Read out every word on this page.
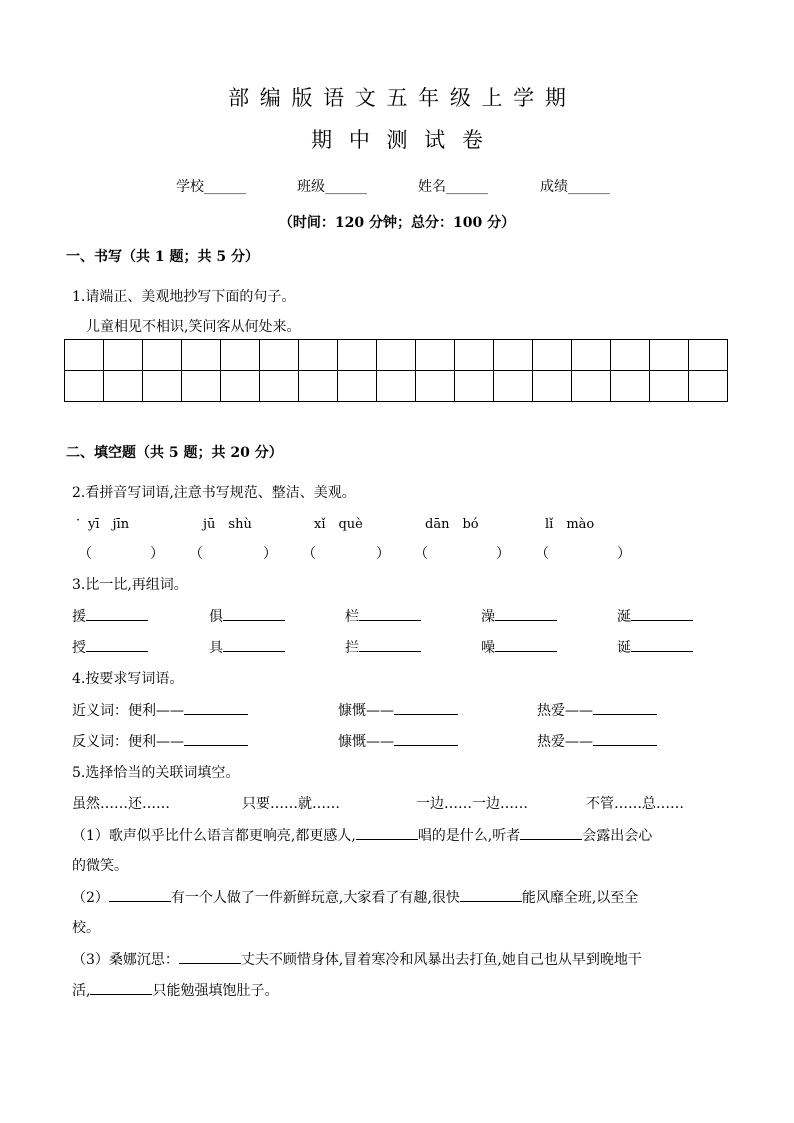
部 编 版 语 文 五 年 级 上 学 期
期 中 测 试 卷
学校______	班级______	姓名______	成绩______
（时间：120 分钟；总分：100 分）
一、书写（共 1 题；共 5 分）
1.请端正、美观地抄写下面的句子。
儿童相见不相识,笑问客从何处来。

二、填空题（共 5 题；共 20 分）
2.看拼音写词语,注意书写规范、整洁、美观。
· yī　jīn	jū　shù	xǐ　què	dān　bó	lǐ　mào
（	） （	） （	） （	） （	）
3.比一比,再组词。
援	俱	栏	澡	涎
授	具	拦	噪	诞
4.按要求写词语。
近义词：便利——	慷慨——	热爱——
反义词：便利——	慷慨——	热爱——
5.选择恰当的关联词填空。
虽然……还……	只要……就……	一边……一边……	不管……总……
（1）歌声似乎比什么语言都更响亮,都更感人,	唱的是什么,听者	会露出会心
的微笑。
（2）	有一个人做了一件新鲜玩意,大家看了有趣,很快	能风靡全班,以至全
校。
（3）桑娜沉思：	丈夫不顾惜身体,冒着寒冷和风暴出去打鱼,她自己也从早到晚地干
活,	只能勉强填饱肚子。
